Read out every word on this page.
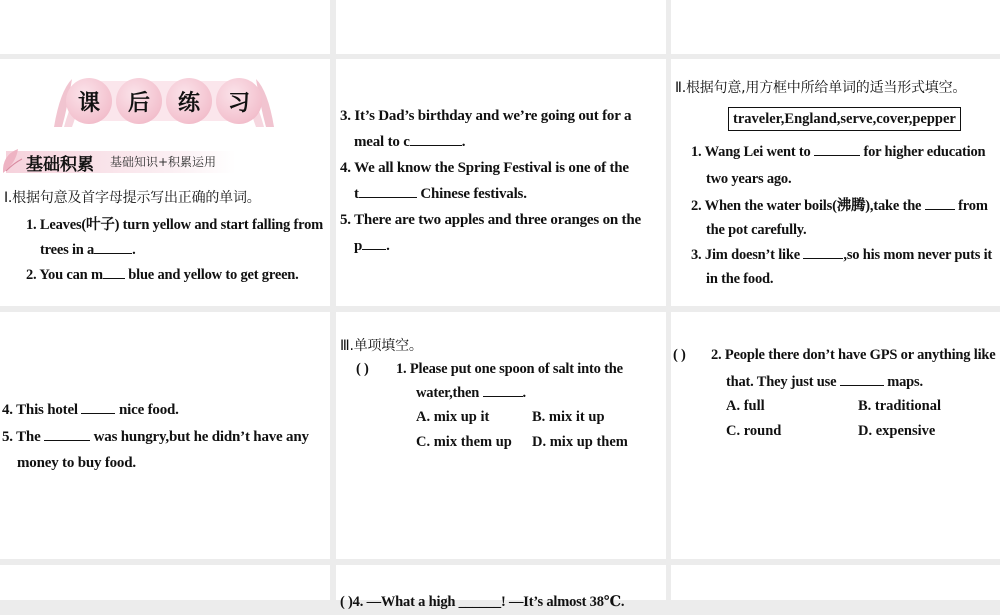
课	后	练	习
基础积累 基础知识+积累运用
Ⅰ.根据句意及首字母提示写出正确的单词。
1. Leaves(叶子) turn yellow and start falling from
trees in a	.
2. You can m blue and yellow to get green.
3. It’s Dad’s birthday and we’re going out for a
meal to c	.
4. We all know the Spring Festival is one of the
t	Chinese festivals.
5. There are two apples and three oranges on the
p .
Ⅱ.根据句意,用方框中所给单词的适当形式填空。
traveler,England,serve,cover,pepper
1. Wang Lei went to	for higher education
two years ago.
2. When the water boils(沸腾),take the	from
the pot carefully.
3. Jim doesn’t like	,so his mom never puts it
in the food.
4. This hotel	nice food.
5. The	was hungry,but he didn’t have any
money to buy food.
Ⅲ.单项填空。
( ) 1. Please put one spoon of salt into the
water,then	.
A. mix up it	B. mix it up
C. mix them up D. mix up them
( ) 2. People there don’t have GPS or anything like
that. They just use	maps.
A. full	B. traditional
C. round	D. expensive
( )4. —What a high ______! —It’s almost 38℃.
